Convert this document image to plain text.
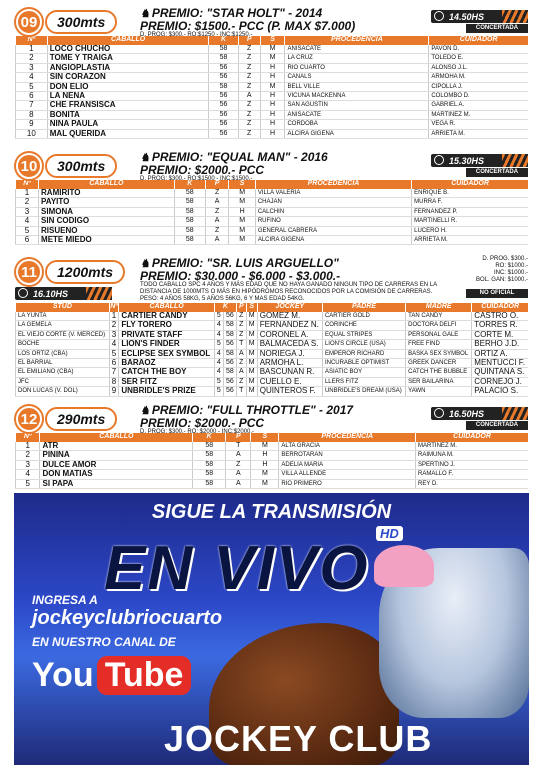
09	300mts	♞ PREMIO: "STAR HOLT" - 2014
PREMIO: $1500.- PCC (P. MAX $7.000)
D. PROG: $300.- RO:$1250 - INC:$1250.-
14.50HS
CONCERTADA
Nº	CABALLO	K	P	S	PROCEDENCIA	CUIDADOR
1	LOCO CHUCHO	58	Z	M	ANISACATE	PAVON D.
2	TOME Y TRAIGA	58	Z	M	LA CRUZ	TOLEDO E.
3	ANGIOPLASTIA	56	Z	H	RIO CUARTO	ALONSO J.L.
4	SIN CORAZON	56	Z	H	CANALS	ARMOHA M.
5	DON ELIO	58	Z	M	BELL VILLE	CIPOLLA J.
6	LA NENA	56	A	H	VICUÑA MACKENNA	COLOMBO D.
7	CHE FRANSISCA	56	Z	H	SAN AGUSTIN	GABRIEL A.
8	BONITA	56	Z	H	ANISACATE	MARTINEZ M.
9	NIÑA PAULA	56	Z	H	CORDOBA	VEGA R.
10	MAL QUERIDA	56	Z	H	ALCIRA GIGENA	ARRIETA M.
10	300mts	♞ PREMIO: "EQUAL MAN" - 2016
PREMIO: $2000.- PCC
D. PROG: $300.- RO:$1500 - INC:$1500.-
15.30HS
CONCERTADA
Nº	CABALLO	K	P	S	PROCEDENCIA	CUIDADOR
1	RAMIRITO	58	Z	M	VILLA VALERIA	ENRIQUE B.
2	PAYITO	58	A	M	CHAJAN	MURRA F.
3	SIMONA	58	Z	H	CALCHIN	FERNANDEZ P.
4	SIN CODIGO	58	A	M	RUFINO	MARTINELLI R.
5	RISUEÑO	58	Z	M	GENERAL CABRERA	LUCERO H.
6	METE MIEDO	58	A	M	ALCIRA GIGENA	ARRIETA M.
11	1200mts	♞ PREMIO: "SR. LUIS ARGUELLO"
PREMIO: $30.000 - $6.000 - $3.000.-
TODO CABALLO SPC 4 AÑOS Y MÁS EDAD QUE NO HAYA GANADO NINGUN TIPO DE CARRERAS EN LA DISTANCIA DE 1000MTS O MÁS EN HIPÓDROMOS RECONOCIDOS POR LA COMISIÓN DE CARRERAS.
PESO: 4 AÑOS 58KG, 5 AÑOS 56KG, 6 Y MAS EDAD 54KG.
16.10HS	NO OFICIAL
D. PROG. $300.-
RO: $1000.-
INC: $1000.-
BOL. GAN: $1000.-
STUD	Nº	CABALLO	K		P	S	JOCKEY	PADRE	MADRE	CUIDADOR
LA YUNTA	1	CARTIER CANDY	5	56	Z	M	GOMEZ M.	CARTIER GOLD	TAN CANDY	CASTRO O.
LA GEMELA	2	FLY TORERO	4	58	Z	M	FERNANDEZ N.	CORINCHE	DOCTORA DELFI	TORRES R.
EL VIEJO CORTE (V. MERCED)	3	PRIVATE STAFF	4	58	Z	M	CORONEL A.	EQUAL STRIPES	PERSONAL GALE	CORTE M.
BOCHE	4	LION'S FINDER	5	56	T	M	BALMACEDA S.	LION'S CIRCLE (USA)	FREE FIND	BERHO J.D.
LOS ORTIZ (CBA)	5	ECLIPSE SEX SYMBOL	4	58	A	M	NORIEGA J.	EMPEROR RICHARD	BASKA SEX SYMBOL	ORTIZ A.
EL BARRIAL	6	BARAOZ	4	56	Z	M	ARMOHA L.	INCURABLE OPTIMIST	GREEK DANCER	MENTUCCI F.
EL EMILIANO (CBA)	7	CATCH THE BOY	4	58	A	M	BASCUÑAN R.	ASIATIC BOY	CATCH THE BUBBLE	QUINTANA S.
JFC	8	SER FITZ	5	56	Z	M	CUELLO E.	LLERS FITZ	SER BAILARINA	CORNEJO J.
DON LUCAS (V. DOL)	9	UNBRIDLE'S PRIZE	5	56	T	M	QUINTEROS F.	UNBRIDLE'S DREAM (USA)	YAWN	PALACIO S.
12	290mts	♞ PREMIO: "FULL THROTTLE" - 2017
PREMIO: $2000.- PCC
D. PROG: $300.- RO: $2000 - INC:$2000.-
16.50HS
CONCERTADA
Nº	CABALLO	K	P	S	PROCEDENCIA	CUIDADOR
1	ATR	58	T	M	ALTA GRACIA	MARTINEZ M.
2	PININA	58	A	H	BERROTARAN	RAIMUNA M.
3	DULCE AMOR	58	Z	H	ADELIA MARIA	SPERTINO J.
4	DON MATIAS	58	A	M	VILLA ALLENDE	RAMALLO F.
5	SI PAPA	58	A	M	RIO PRIMERO	REY D.
SIGUE LA TRANSMISIÓN
EN VIVO
HD
INGRESA A
jockeyclubriocuarto
EN NUESTRO CANAL DE
You Tube
JOCKEY CLUB
